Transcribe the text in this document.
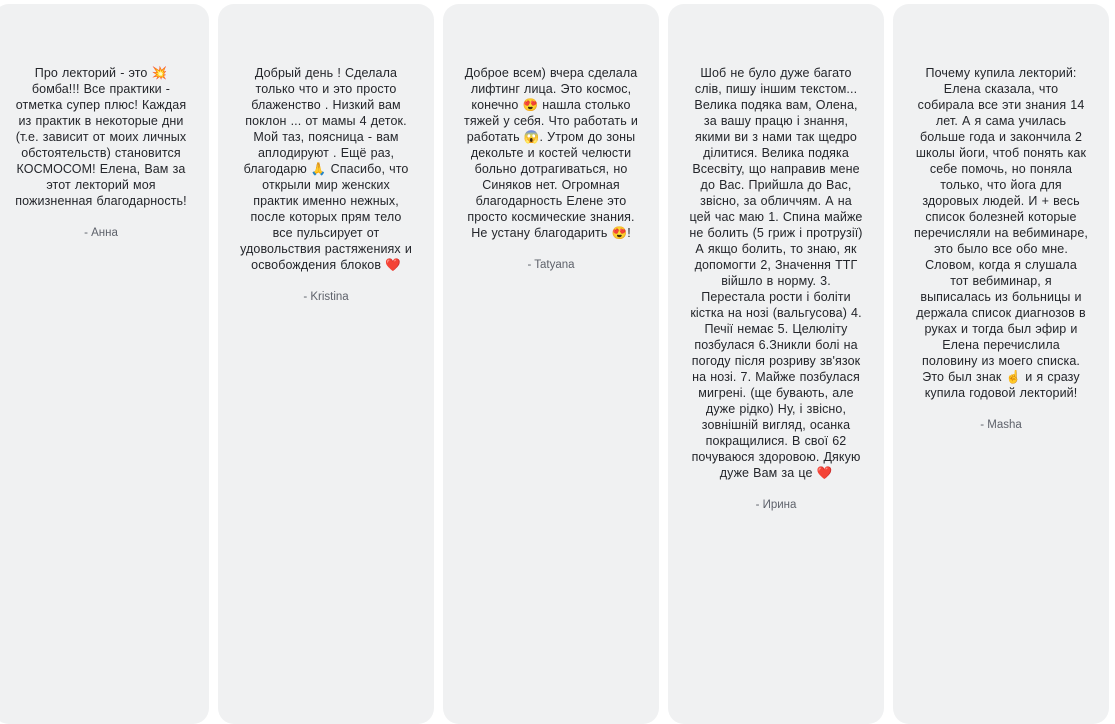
Про лекторий - это 💥 бомба!!! Все практики - отметка супер плюс! Каждая из практик в некоторые дни (т.е. зависит от моих личных обстоятельств) становится КОСМОСОМ! Елена, Вам за этот лекторий моя пожизненная благодарность!

- Анна

Добрый день ! Сделала только что и это просто блаженство . Низкий вам поклон ... от мамы 4 деток. Мой таз, поясница - вам аплодируют . Ещё раз, благодарю 🙏 Спасибо, что открыли мир женских практик именно нежных, после которых прям тело все пульсирует от удовольствия растяжениях и освобождения блоков ❤️

- Kristina

Доброе всем) вчера сделала лифтинг лица. Это космос, конечно 😍 нашла столько тяжей у себя. Что работать и работать 😱. Утром до зоны декольте и костей челюсти больно дотрагиваться, но Синяков нет. Огромная благодарность Елене это просто космические знания. Не устану благодарить 😍!

- Tatyana

Шоб не було дуже багато слів, пишу іншим текстом... Велика подяка вам, Олена, за вашу працю і знання, якими ви з нами так щедро ділитися. Велика подяка Всесвіту, що направив мене до Вас. Прийшла до Вас, звісно, за обличчям. А на цей час маю 1. Спина майже не болить (5 гриж і протрузії) А якщо болить, то знаю, як допомогти 2, Значення ТТГ війшло в норму. 3. Перестала рости і боліти кістка на нозі (вальгусова) 4. Печії немає 5. Целюліту позбулася 6.Зникли болі на погоду після розриву зв'язок на нозі. 7. Майже позбулася мигрені. (ще бувають, але дуже рідко) Ну, і звісно, зовнішній вигляд, осанка покращилися. В свої 62 почуваюся здоровою. Дякую дуже Вам за це ❤️

- Ирина

Почему купила лекторий: Елена сказала, что собирала все эти знания 14 лет. А я сама училась больше года и закончила 2 школы йоги, чтоб понять как себе помочь, но поняла только, что йога для здоровых людей. И + весь список болезней которые перечисляли на вебиминаре, это было все обо мне. Словом, когда я слушала тот вебиминар, я выписалась из больницы и держала список диагнозов в руках и тогда был эфир и Елена перечислила половину из моего списка. Это был знак ☝️ и я сразу купила годовой лекторий!

- Masha
